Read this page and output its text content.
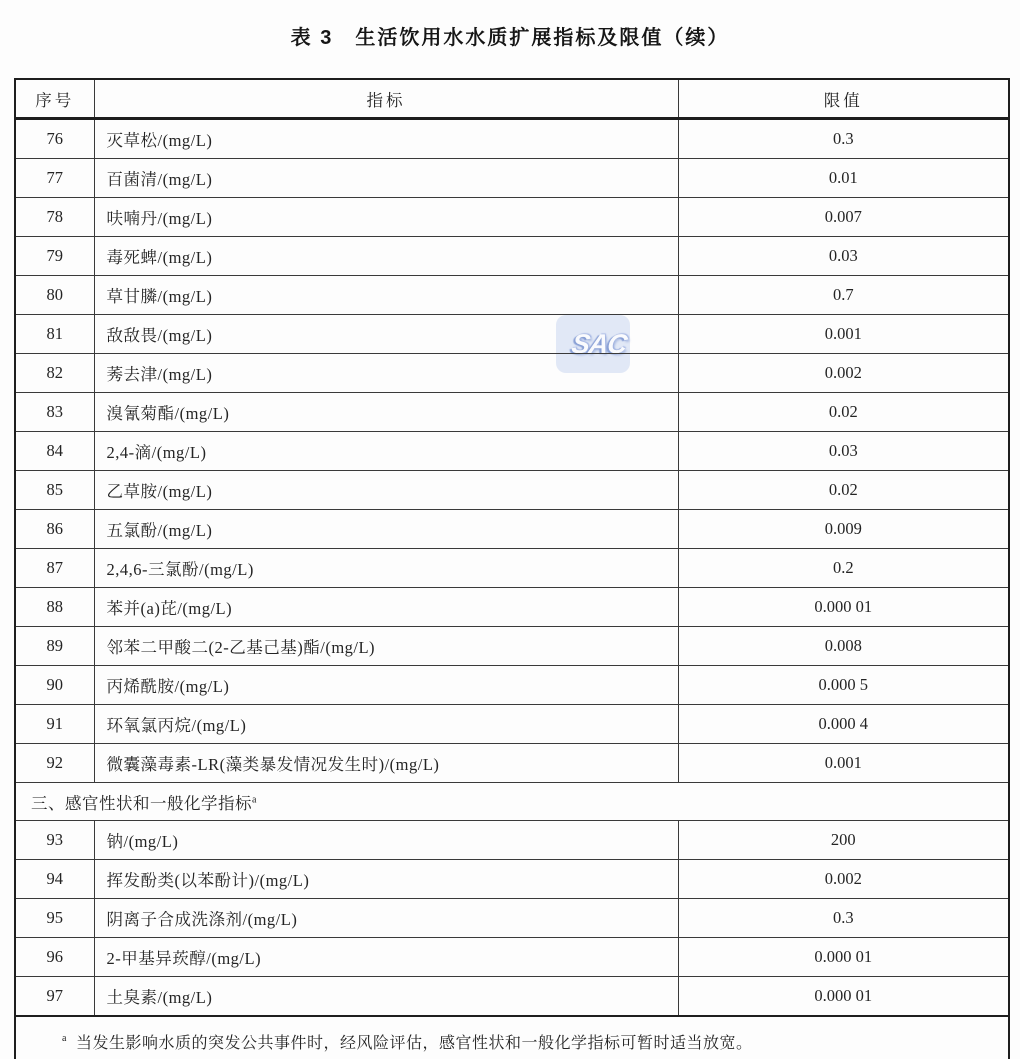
表 3　生活饮用水水质扩展指标及限值（续）
SAC
序号	指标	限值
76	灭草松/(mg/L)	0.3
77	百菌清/(mg/L)	0.01
78	呋喃丹/(mg/L)	0.007
79	毒死蜱/(mg/L)	0.03
80	草甘膦/(mg/L)	0.7
81	敌敌畏/(mg/L)	0.001
82	莠去津/(mg/L)	0.002
83	溴氰菊酯/(mg/L)	0.02
84	2,4-滴/(mg/L)	0.03
85	乙草胺/(mg/L)	0.02
86	五氯酚/(mg/L)	0.009
87	2,4,6-三氯酚/(mg/L)	0.2
88	苯并(a)芘/(mg/L)	0.000 01
89	邻苯二甲酸二(2-乙基己基)酯/(mg/L)	0.008
90	丙烯酰胺/(mg/L)	0.000 5
91	环氧氯丙烷/(mg/L)	0.000 4
92	微囊藻毒素-LR(藻类暴发情况发生时)/(mg/L)	0.001
三、感官性状和一般化学指标$^a$
93	钠/(mg/L)	200
94	挥发酚类(以苯酚计)/(mg/L)	0.002
95	阴离子合成洗涤剂/(mg/L)	0.3
96	2-甲基异莰醇/(mg/L)	0.000 01
97	土臭素/(mg/L)	0.000 01
$^a$ 当发生影响水质的突发公共事件时，经风险评估，感官性状和一般化学指标可暂时适当放宽。		
